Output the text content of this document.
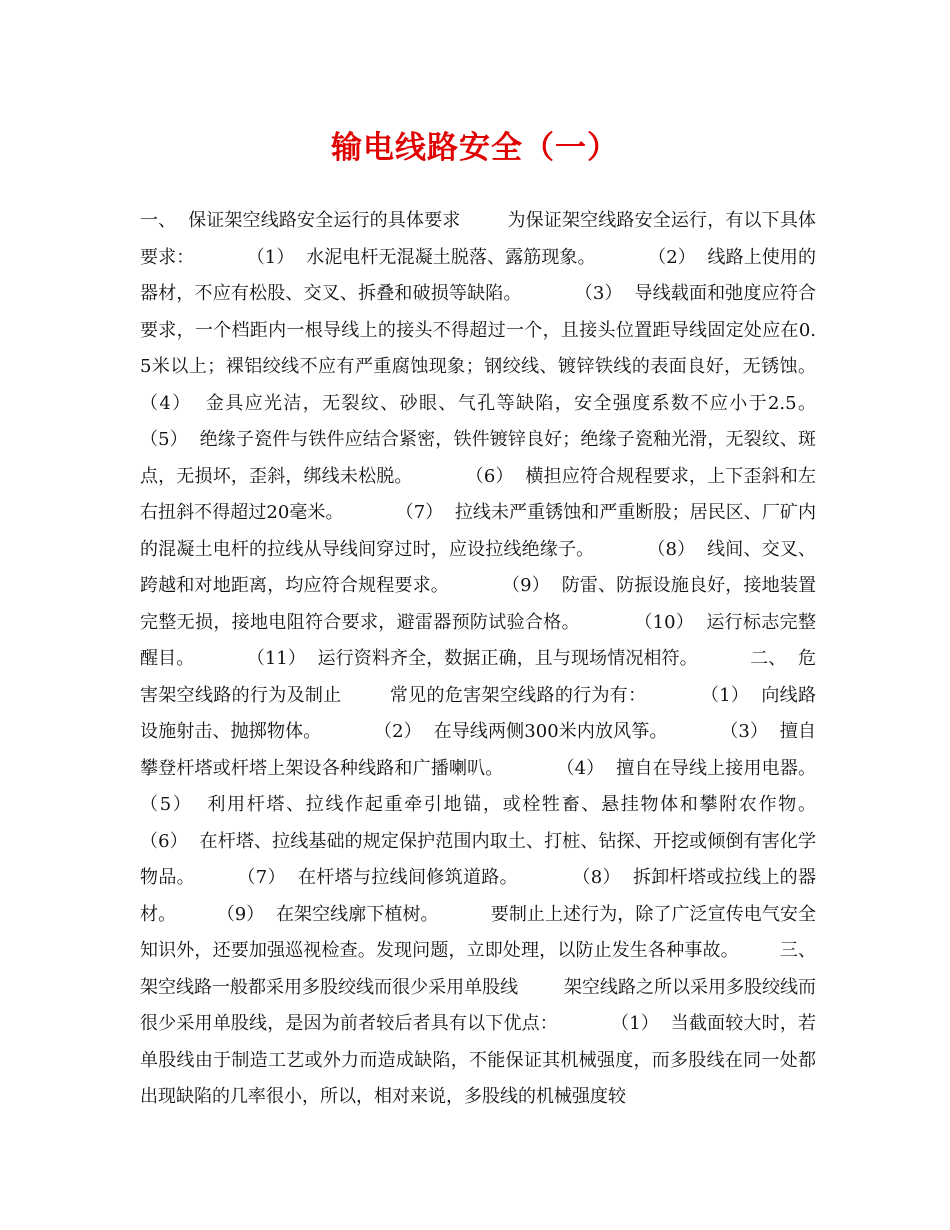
输电线路安全（一）

一、  保证架空线路安全运行的具体要求        为保证架空线路安全运行，有以下具体要求：         （1）  水泥电杆无混凝土脱落、露筋现象。         （2）  线路上使用的器材，不应有松股、交叉、拆叠和破损等缺陷。         （3）  导线载面和弛度应符合要求，一个档距内一根导线上的接头不得超过一个，且接头位置距导线固定处应在0.5米以上；裸铝绞线不应有严重腐蚀现象；钢绞线、镀锌铁线的表面良好，无锈蚀。       （4）  金具应光洁，无裂纹、砂眼、气孔等缺陷，安全强度系数不应小于2.5。       （5）  绝缘子瓷件与铁件应结合紧密，铁件镀锌良好；绝缘子瓷釉光滑，无裂纹、斑点，无损坏，歪斜，绑线未松脱。         （6）  横担应符合规程要求，上下歪斜和左右扭斜不得超过20毫米。         （7）  拉线未严重锈蚀和严重断股；居民区、厂矿内的混凝土电杆的拉线从导线间穿过时，应设拉线绝缘子。         （8）  线间、交叉、跨越和对地距离，均应符合规程要求。         （9）  防雷、防振设施良好，接地装置完整无损，接地电阻符合要求，避雷器预防试验合格。         （10）  运行标志完整醒目。         （11）  运行资料齐全，数据正确，且与现场情况相符。         二、  危害架空线路的行为及制止        常见的危害架空线路的行为有：         （1）  向线路设施射击、抛掷物体。         （2）  在导线两侧300米内放风筝。         （3）  擅自攀登杆塔或杆塔上架设各种线路和广播喇叭。         （4）  擅自在导线上接用电器。       （5）  利用杆塔、拉线作起重牵引地锚，或栓牲畜、悬挂物体和攀附农作物。       （6）  在杆塔、拉线基础的规定保护范围内取土、打桩、钻探、开挖或倾倒有害化学物品。       （7）  在杆塔与拉线间修筑道路。         （8）  拆卸杆塔或拉线上的器材。       （9）  在架空线廓下植树。         要制止上述行为，除了广泛宣传电气安全知识外，还要加强巡视检查。发现问题，立即处理，以防止发生各种事故。       三、  架空线路一般都采用多股绞线而很少采用单股线        架空线路之所以采用多股绞线而很少采用单股线，是因为前者较后者具有以下优点：         （1）  当截面较大时，若单股线由于制造工艺或外力而造成缺陷，不能保证其机械强度，而多股线在同一处都出现缺陷的几率很小，所以，相对来说，多股线的机械强度较
